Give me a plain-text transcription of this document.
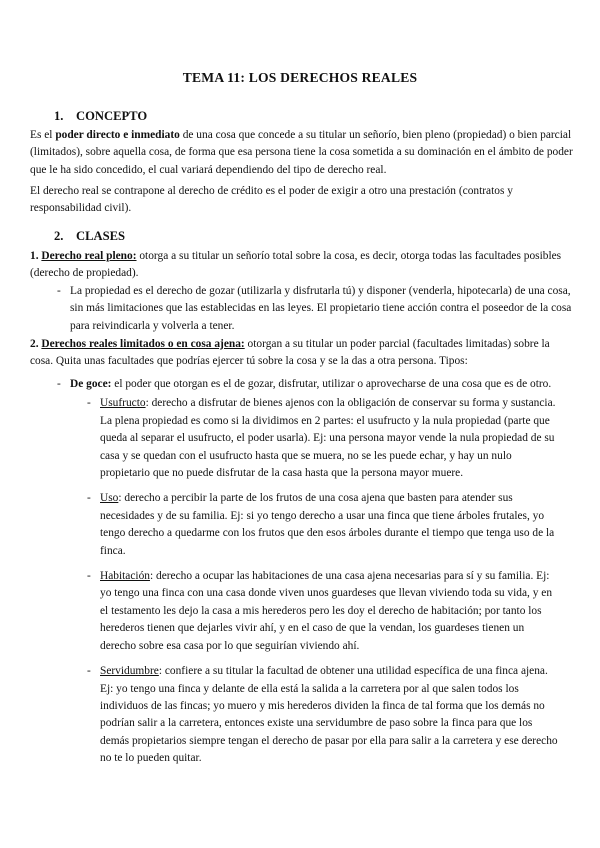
TEMA 11: LOS DERECHOS REALES
1. CONCEPTO

Es el poder directo e inmediato de una cosa que concede a su titular un señorío, bien pleno (propiedad) o bien parcial (limitados), sobre aquella cosa, de forma que esa persona tiene la cosa sometida a su dominación en el ámbito de poder que le ha sido concedido, el cual variará dependiendo del tipo de derecho real.

El derecho real se contrapone al derecho de crédito es el poder de exigir a otro una prestación (contratos y responsabilidad civil).

2. CLASES

1. Derecho real pleno: otorga a su titular un señorío total sobre la cosa, es decir, otorga todas las facultades posibles (derecho de propiedad).

- La propiedad es el derecho de gozar (utilizarla y disfrutarla tú) y disponer (venderla, hipotecarla) de una cosa, sin más limitaciones que las establecidas en las leyes. El propietario tiene acción contra el poseedor de la cosa para reivindicarla y volverla a tener.

2. Derechos reales limitados o en cosa ajena: otorgan a su titular un poder parcial (facultades limitadas) sobre la cosa. Quita unas facultades que podrías ejercer tú sobre la cosa y se la das a otra persona. Tipos:

- De goce: el poder que otorgan es el de gozar, disfrutar, utilizar o aprovecharse de una cosa que es de otro.
- Usufructo: derecho a disfrutar de bienes ajenos con la obligación de conservar su forma y sustancia. La plena propiedad es como si la dividimos en 2 partes: el usufructo y la nula propiedad (parte que queda al separar el usufructo, el poder usarla). Ej: una persona mayor vende la nula propiedad de su casa y se quedan con el usufructo hasta que se muera, no se les puede echar, y hay un nulo propietario que no puede disfrutar de la casa hasta que la persona mayor muere.
- Uso: derecho a percibir la parte de los frutos de una cosa ajena que basten para atender sus necesidades y de su familia. Ej: si yo tengo derecho a usar una finca que tiene árboles frutales, yo tengo derecho a quedarme con los frutos que den esos árboles durante el tiempo que tenga uso de la finca.
- Habitación: derecho a ocupar las habitaciones de una casa ajena necesarias para sí y su familia. Ej: yo tengo una finca con una casa donde viven unos guardeses que llevan viviendo toda su vida, y en el testamento les dejo la casa a mis herederos pero les doy el derecho de habitación; por tanto los herederos tienen que dejarles vivir ahí, y en el caso de que la vendan, los guardeses tienen un derecho sobre esa casa por lo que seguirían viviendo ahí.
- Servidumbre: confiere a su titular la facultad de obtener una utilidad específica de una finca ajena. Ej: yo tengo una finca y delante de ella está la salida a la carretera por al que salen todos los individuos de las fincas; yo muero y mis herederos dividen la finca de tal forma que los demás no podrían salir a la carretera, entonces existe una servidumbre de paso sobre la finca para que los demás propietarios siempre tengan el derecho de pasar por ella para salir a la carretera y ese derecho no te lo pueden quitar.
